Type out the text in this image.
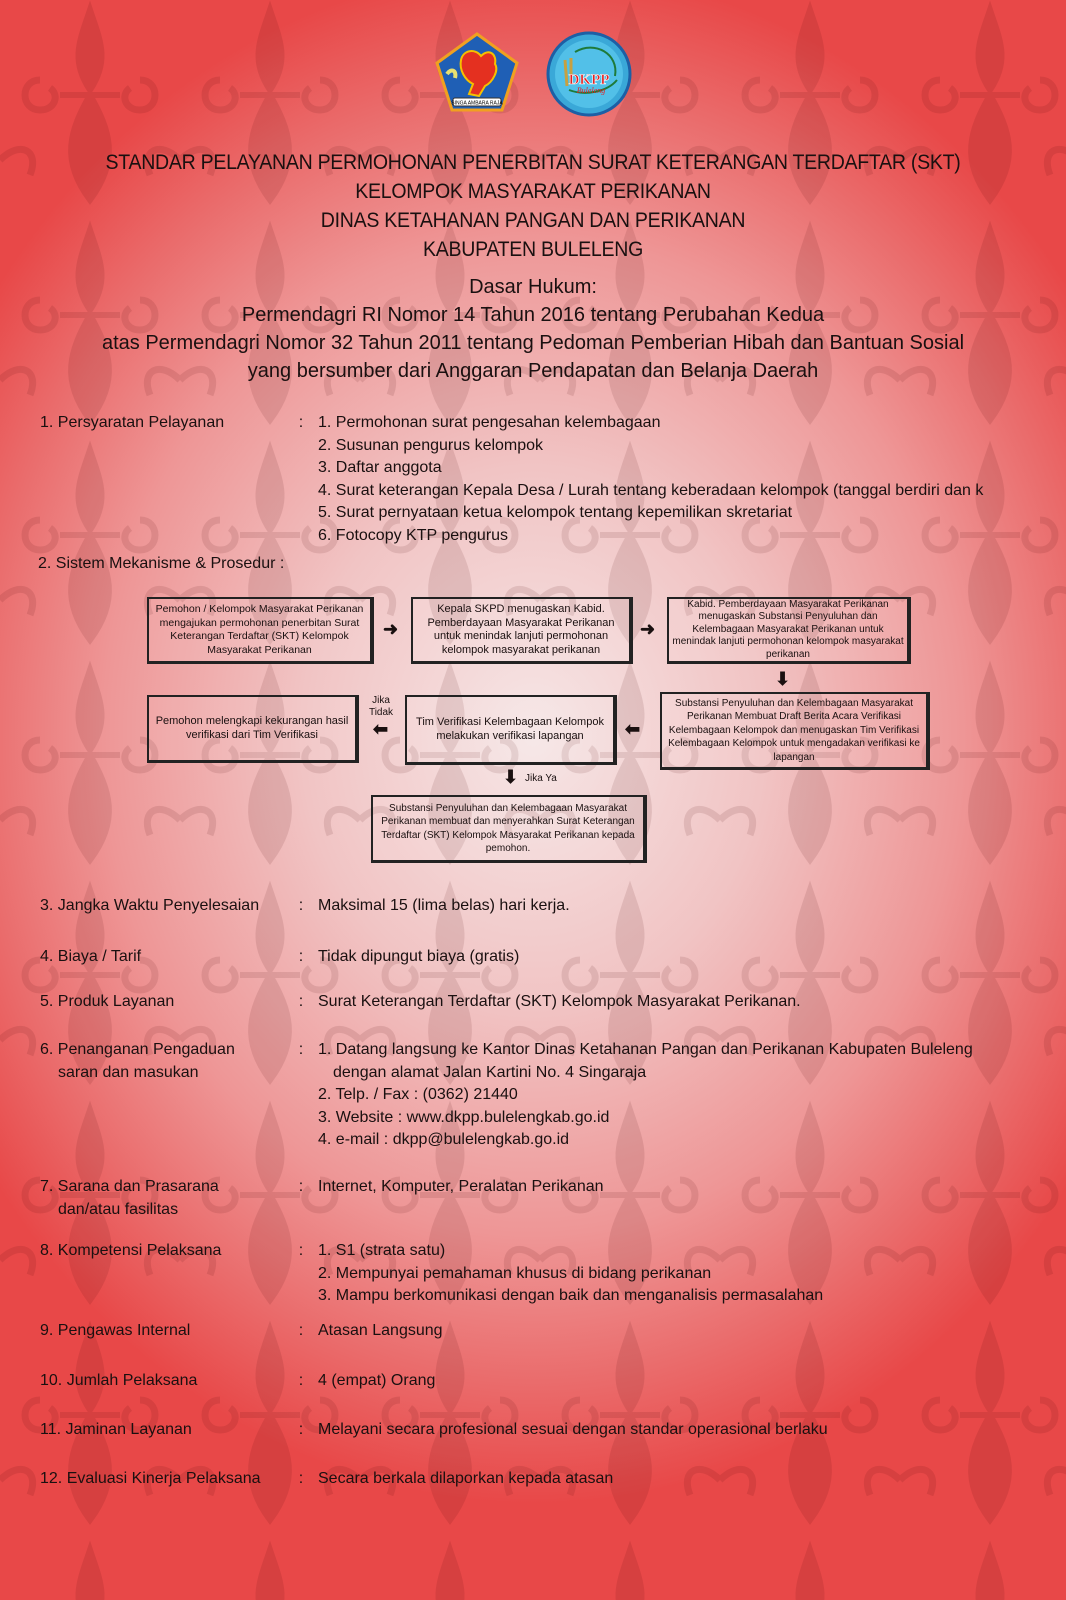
SINGA AMBARA RAJA
DKPP
Buleleng
STANDAR PELAYANAN PERMOHONAN PENERBITAN SURAT KETERANGAN TERDAFTAR (SKT)
KELOMPOK MASYARAKAT PERIKANAN
DINAS KETAHANAN PANGAN DAN PERIKANAN
KABUPATEN BULELENG
Dasar Hukum:
Permendagri RI Nomor 14 Tahun 2016 tentang Perubahan Kedua
atas Permendagri Nomor 32 Tahun 2011 tentang Pedoman Pemberian Hibah dan Bantuan Sosial
yang bersumber dari Anggaran Pendapatan dan Belanja Daerah
1. Persyaratan Pelayanan	: 1. Permohonan surat pengesahan kelembagaan
2. Susunan pengurus kelompok
3. Daftar anggota
4. Surat keterangan Kepala Desa / Lurah tentang keberadaan kelompok (tanggal berdiri dan k
5. Surat pernyataan ketua kelompok tentang kepemilikan skretariat
6. Fotocopy KTP pengurus
2. Sistem Mekanisme & Prosedur :
Pemohon / Kelompok Masyarakat Perikanan mengajukan permohonan penerbitan Surat Keterangan Terdaftar (SKT) Kelompok Masyarakat Perikanan
➜
Kepala SKPD menugaskan Kabid. Pemberdayaan Masyarakat Perikanan untuk menindak lanjuti permohonan kelompok masyarakat perikanan
➜
Kabid. Pemberdayaan Masyarakat Perikanan menugaskan Substansi Penyuluhan dan Kelembagaan Masyarakat Perikanan untuk menindak lanjuti permohonan kelompok masyarakat perikanan
⬇
Substansi Penyuluhan dan Kelembagaan Masyarakat Perikanan Membuat Draft Berita Acara Verifikasi Kelembagaan Kelompok dan menugaskan Tim Verifikasi Kelembagaan Kelompok untuk mengadakan verifikasi ke lapangan
⬅
Tim Verifikasi Kelembagaan Kelompok melakukan verifikasi lapangan
Jika Tidak
⬅
Pemohon melengkapi kekurangan hasil verifikasi dari Tim Verifikasi
⬇ Jika Ya
Substansi Penyuluhan dan Kelembagaan Masyarakat Perikanan membuat dan menyerahkan Surat Keterangan Terdaftar (SKT) Kelompok Masyarakat Perikanan kepada pemohon.
3. Jangka Waktu Penyelesaian	: Maksimal 15 (lima belas) hari kerja.
4. Biaya / Tarif	: Tidak dipungut biaya (gratis)
5. Produk Layanan	: Surat Keterangan Terdaftar (SKT) Kelompok Masyarakat Perikanan.
6. Penanganan Pengaduan
saran dan masukan
: 1. Datang langsung ke Kantor Dinas Ketahanan Pangan dan Perikanan Kabupaten Buleleng
dengan alamat Jalan Kartini No. 4 Singaraja
2. Telp. / Fax : (0362) 21440
3. Website : www.dkpp.bulelengkab.go.id
4. e-mail : dkpp@bulelengkab.go.id
7. Sarana dan Prasarana
dan/atau fasilitas
: Internet, Komputer, Peralatan Perikanan
8. Kompetensi Pelaksana	: 1. S1 (strata satu)
2. Mempunyai pemahaman khusus di bidang perikanan
3. Mampu berkomunikasi dengan baik dan menganalisis permasalahan
9. Pengawas Internal	: Atasan Langsung
10. Jumlah Pelaksana	: 4 (empat) Orang
11. Jaminan Layanan	: Melayani secara profesional sesuai dengan standar operasional berlaku
12. Evaluasi Kinerja Pelaksana	: Secara berkala dilaporkan kepada atasan
